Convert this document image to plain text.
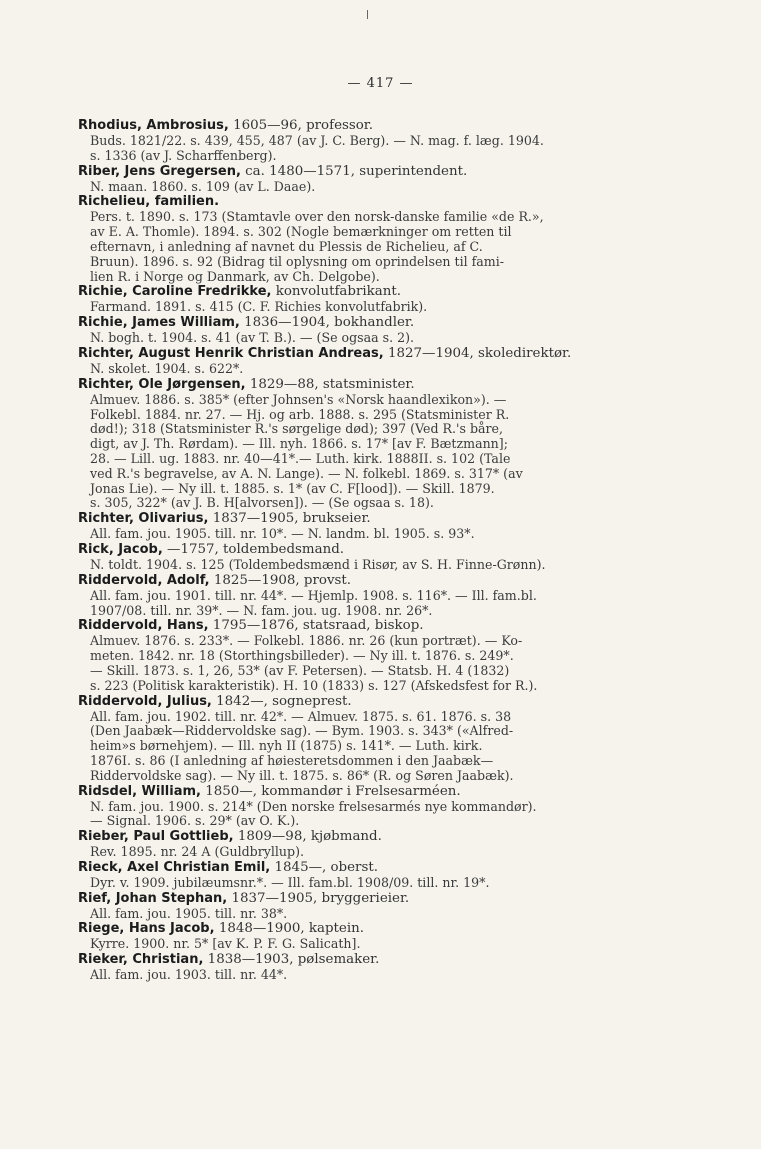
— 417 —

Rhodius, Ambrosius, 1605—96, professor.

Buds. 1821/22. s. 439, 455, 487 (av J. C. Berg). — N. mag. f. læg. 1904.

s. 1336 (av J. Scharffenberg).

Riber, Jens Gregersen, ca. 1480—1571, superintendent.

N. maan. 1860. s. 109 (av L. Daae).

Richelieu, familien.

Pers. t. 1890. s. 173 (Stamtavle over den norsk-danske familie «de R.»,

av E. A. Thomle). 1894. s. 302 (Nogle bemærkninger om retten til

efternavn, i anledning af navnet du Plessis de Richelieu, af C.

Bruun). 1896. s. 92 (Bidrag til oplysning om oprindelsen til fami-

lien R. i Norge og Danmark, av Ch. Delgobe).

Richie, Caroline Fredrikke, konvolutfabrikant.

Farmand. 1891. s. 415 (C. F. Richies konvolutfabrik).

Richie, James William, 1836—1904, bokhandler.

N. bogh. t. 1904. s. 41 (av T. B.). — (Se ogsaa s. 2).

Richter, August Henrik Christian Andreas, 1827—1904, skoledirektør.

N. skolet. 1904. s. 622*.

Richter, Ole Jørgensen, 1829—88, statsminister.

Almuev. 1886. s. 385* (efter Johnsen's «Norsk haandlexikon»). —

Folkebl. 1884. nr. 27. — Hj. og arb. 1888. s. 295 (Statsminister R.

død!); 318 (Statsminister R.'s sørgelige død); 397 (Ved R.'s båre,

digt, av J. Th. Rørdam). — Ill. nyh. 1866. s. 17* [av F. Bætzmann];

28. — Lill. ug. 1883. nr. 40—41*.— Luth. kirk. 1888II. s. 102 (Tale

ved R.'s begravelse, av A. N. Lange). — N. folkebl. 1869. s. 317* (av

Jonas Lie). — Ny ill. t. 1885. s. 1* (av C. F[lood]). — Skill. 1879.

s. 305, 322* (av J. B. H[alvorsen]). — (Se ogsaa s. 18).

Richter, Olivarius, 1837—1905, brukseier.

All. fam. jou. 1905. till. nr. 10*. — N. landm. bl. 1905. s. 93*.

Rick, Jacob, —1757, toldembedsmand.

N. toldt. 1904. s. 125 (Toldembedsmænd i Risør, av S. H. Finne-Grønn).

Riddervold, Adolf, 1825—1908, provst.

All. fam. jou. 1901. till. nr. 44*. — Hjemlp. 1908. s. 116*. — Ill. fam.bl.

1907/08. till. nr. 39*. — N. fam. jou. ug. 1908. nr. 26*.

Riddervold, Hans, 1795—1876, statsraad, biskop.

Almuev. 1876. s. 233*. — Folkebl. 1886. nr. 26 (kun portræt). — Ko-

meten. 1842. nr. 18 (Storthingsbilleder). — Ny ill. t. 1876. s. 249*.

— Skill. 1873. s. 1, 26, 53* (av F. Petersen). — Statsb. H. 4 (1832)

s. 223 (Politisk karakteristik). H. 10 (1833) s. 127 (Afskedsfest for R.).

Riddervold, Julius, 1842—, sogneprest.

All. fam. jou. 1902. till. nr. 42*. — Almuev. 1875. s. 61. 1876. s. 38

(Den Jaabæk—Riddervoldske sag). — Bym. 1903. s. 343* («Alfred-

heim»s børnehjem). — Ill. nyh II (1875) s. 141*. — Luth. kirk.

1876I. s. 86 (I anledning af høiesteretsdommen i den Jaabæk—

Riddervoldske sag). — Ny ill. t. 1875. s. 86* (R. og Søren Jaabæk).

Ridsdel, William, 1850—, kommandør i Frelsesarméen.

N. fam. jou. 1900. s. 214* (Den norske frelsesarmés nye kommandør).

— Signal. 1906. s. 29* (av O. K.).

Rieber, Paul Gottlieb, 1809—98, kjøbmand.

Rev. 1895. nr. 24 A (Guldbryllup).

Rieck, Axel Christian Emil, 1845—, oberst.

Dyr. v. 1909. jubilæumsnr.*. — Ill. fam.bl. 1908/09. till. nr. 19*.

Rief, Johan Stephan, 1837—1905, bryggerieier.

All. fam. jou. 1905. till. nr. 38*.

Riege, Hans Jacob, 1848—1900, kaptein.

Kyrre. 1900. nr. 5* [av K. P. F. G. Salicath].

Rieker, Christian, 1838—1903, pølsemaker.

All. fam. jou. 1903. till. nr. 44*.
